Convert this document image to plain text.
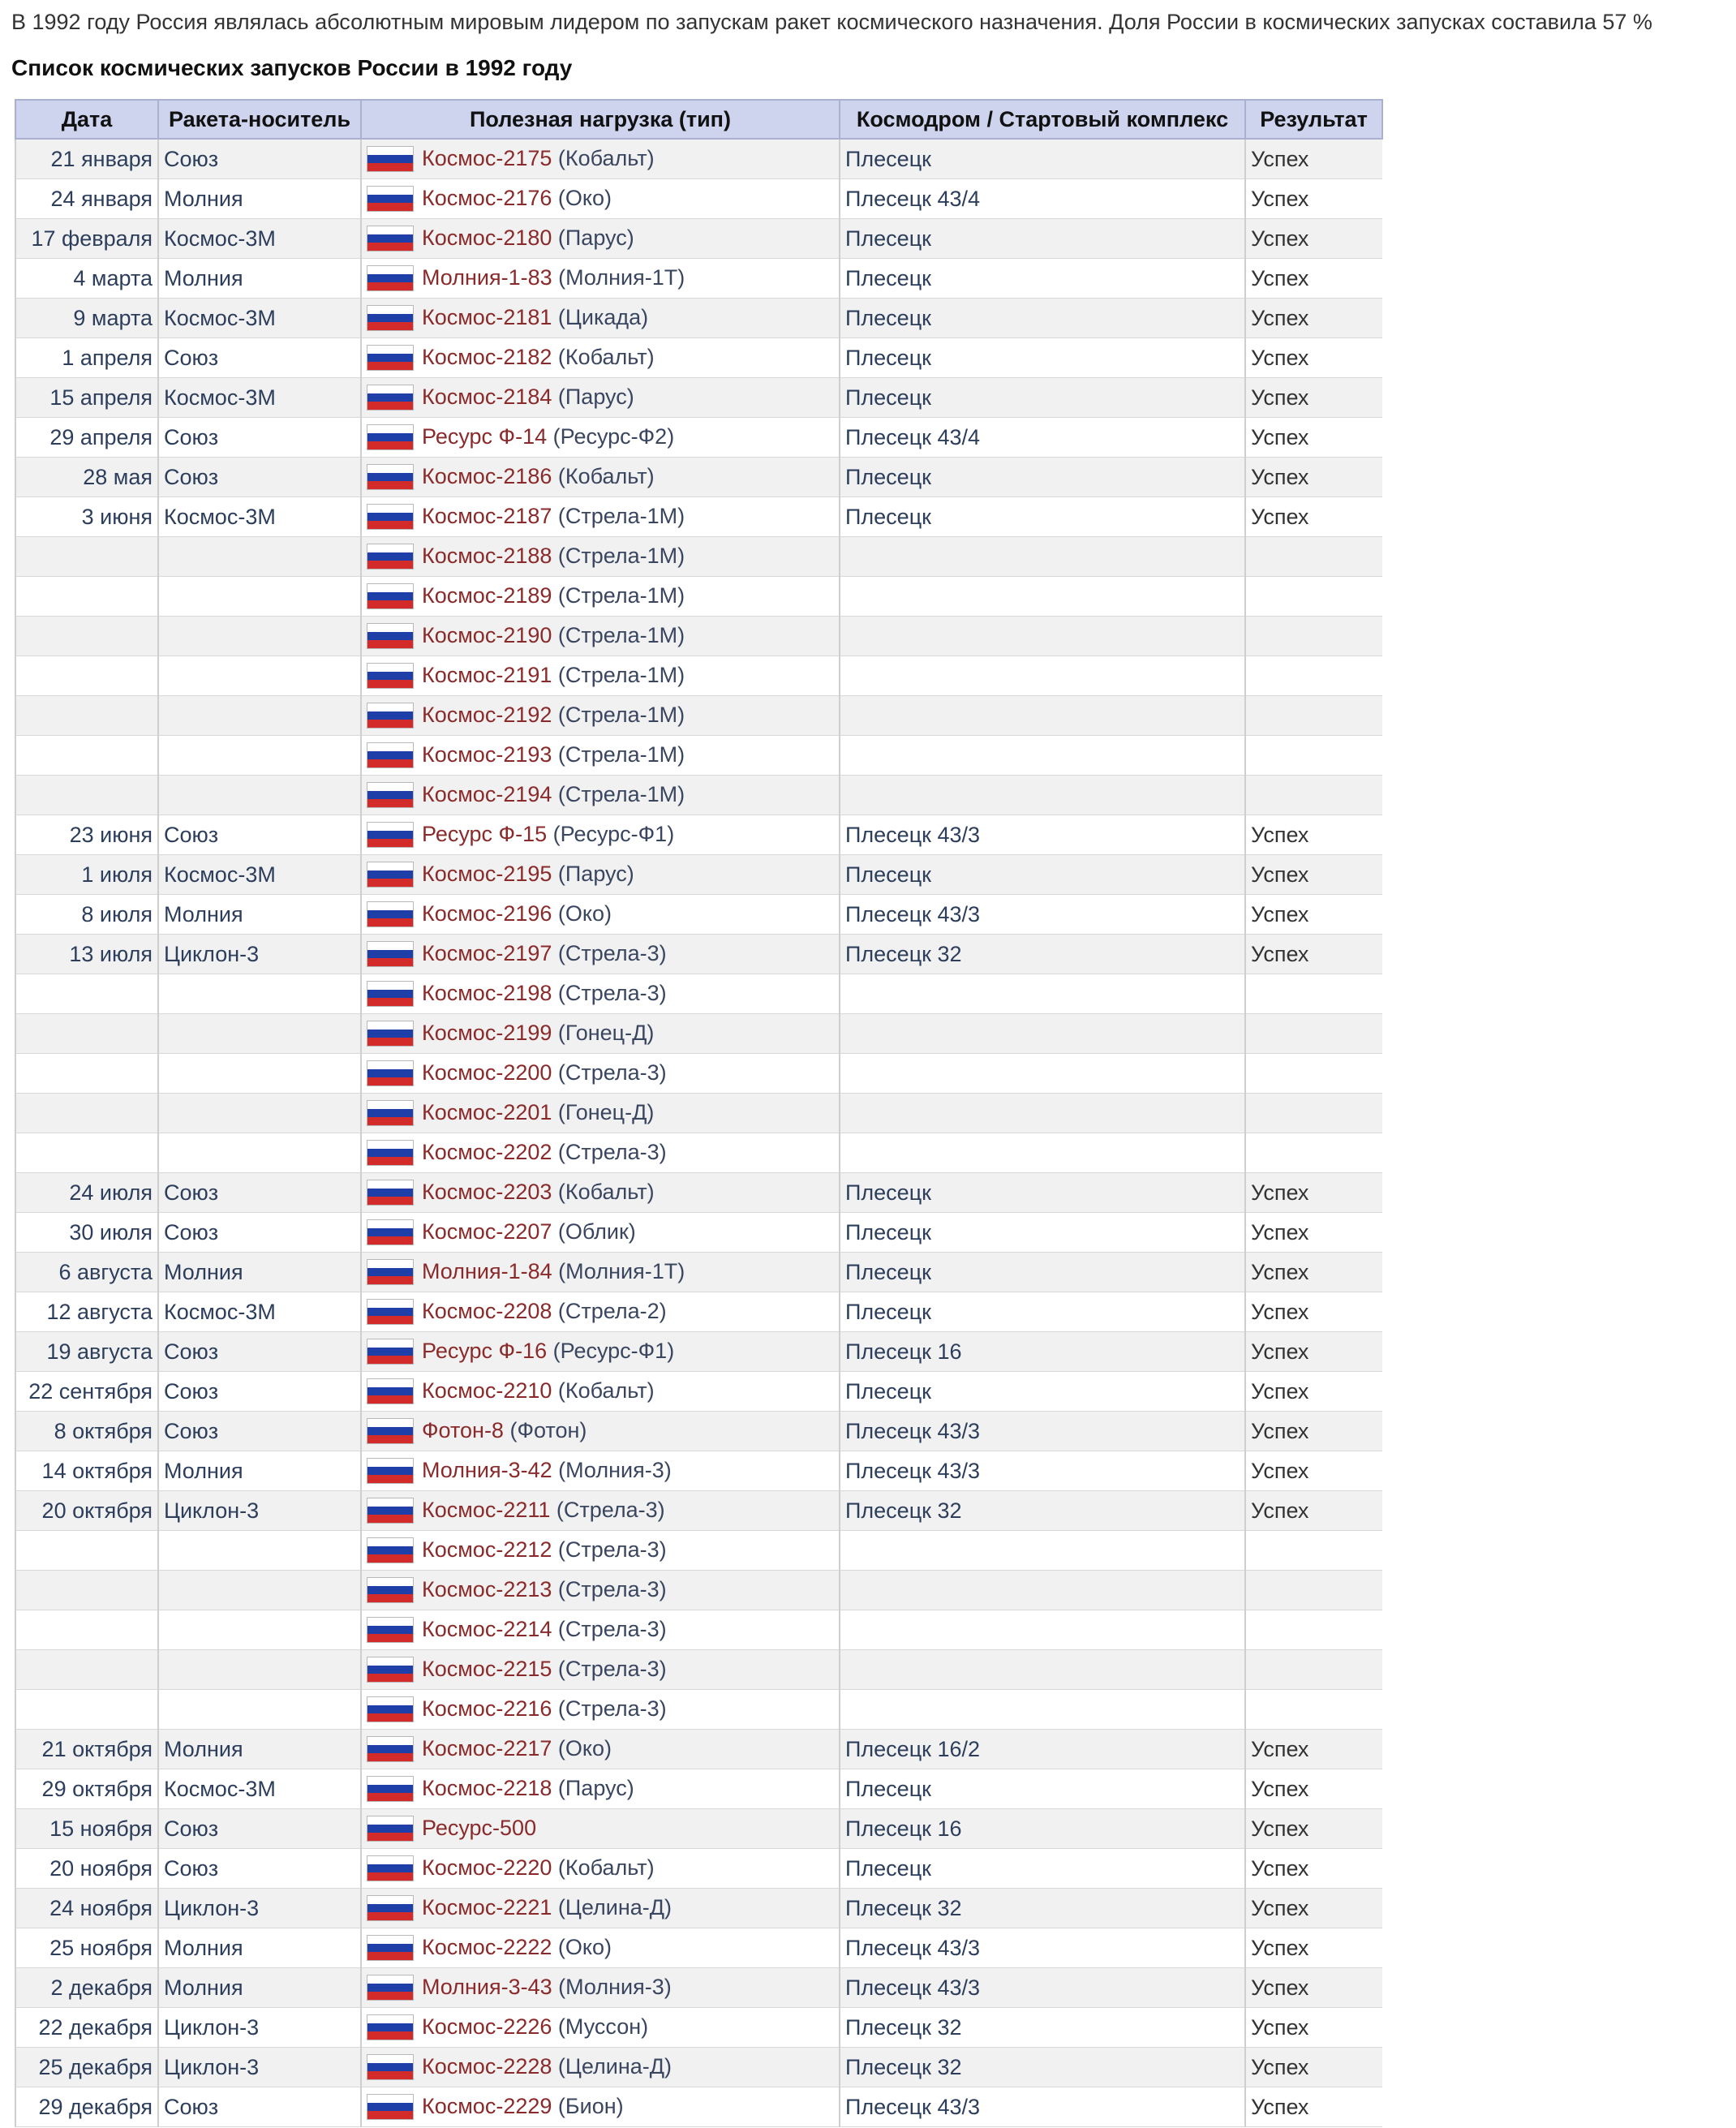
В 1992 году Россия являлась абсолютным мировым лидером по запускам ракет космического назначения. Доля России в космических запусках составила 57 %
Список космических запусков России в 1992 году
Дата	Ракета-носитель	Полезная нагрузка (тип)	Космодром / Стартовый комплекс	Результат
21 января	Союз	Космос-2175 (Кобальт)	Плесецк	Успех
24 января	Молния	Космос-2176 (Око)	Плесецк 43/4	Успех
17 февраля	Космос-3М	Космос-2180 (Парус)	Плесецк	Успех
4 марта	Молния	Молния-1-83 (Молния-1Т)	Плесецк	Успех
9 марта	Космос-3М	Космос-2181 (Цикада)	Плесецк	Успех
1 апреля	Союз	Космос-2182 (Кобальт)	Плесецк	Успех
15 апреля	Космос-3М	Космос-2184 (Парус)	Плесецк	Успех
29 апреля	Союз	Ресурс Ф-14 (Ресурс-Ф2)	Плесецк 43/4	Успех
28 мая	Союз	Космос-2186 (Кобальт)	Плесецк	Успех
3 июня	Космос-3М	Космос-2187 (Стрела-1М)	Плесецк	Успех
		Космос-2188 (Стрела-1М)		
		Космос-2189 (Стрела-1М)		
		Космос-2190 (Стрела-1М)		
		Космос-2191 (Стрела-1М)		
		Космос-2192 (Стрела-1М)		
		Космос-2193 (Стрела-1М)		
		Космос-2194 (Стрела-1М)		
23 июня	Союз	Ресурс Ф-15 (Ресурс-Ф1)	Плесецк 43/3	Успех
1 июля	Космос-3М	Космос-2195 (Парус)	Плесецк	Успех
8 июля	Молния	Космос-2196 (Око)	Плесецк 43/3	Успех
13 июля	Циклон-3	Космос-2197 (Стрела-3)	Плесецк 32	Успех
		Космос-2198 (Стрела-3)		
		Космос-2199 (Гонец-Д)		
		Космос-2200 (Стрела-3)		
		Космос-2201 (Гонец-Д)		
		Космос-2202 (Стрела-3)		
24 июля	Союз	Космос-2203 (Кобальт)	Плесецк	Успех
30 июля	Союз	Космос-2207 (Облик)	Плесецк	Успех
6 августа	Молния	Молния-1-84 (Молния-1Т)	Плесецк	Успех
12 августа	Космос-3М	Космос-2208 (Стрела-2)	Плесецк	Успех
19 августа	Союз	Ресурс Ф-16 (Ресурс-Ф1)	Плесецк 16	Успех
22 сентября	Союз	Космос-2210 (Кобальт)	Плесецк	Успех
8 октября	Союз	Фотон-8 (Фотон)	Плесецк 43/3	Успех
14 октября	Молния	Молния-3-42 (Молния-3)	Плесецк 43/3	Успех
20 октября	Циклон-3	Космос-2211 (Стрела-3)	Плесецк 32	Успех
		Космос-2212 (Стрела-3)		
		Космос-2213 (Стрела-3)		
		Космос-2214 (Стрела-3)		
		Космос-2215 (Стрела-3)		
		Космос-2216 (Стрела-3)		
21 октября	Молния	Космос-2217 (Око)	Плесецк 16/2	Успех
29 октября	Космос-3М	Космос-2218 (Парус)	Плесецк	Успех
15 ноября	Союз	Ресурс-500	Плесецк 16	Успех
20 ноября	Союз	Космос-2220 (Кобальт)	Плесецк	Успех
24 ноября	Циклон-3	Космос-2221 (Целина-Д)	Плесецк 32	Успех
25 ноября	Молния	Космос-2222 (Око)	Плесецк 43/3	Успех
2 декабря	Молния	Молния-3-43 (Молния-3)	Плесецк 43/3	Успех
22 декабря	Циклон-3	Космос-2226 (Муссон)	Плесецк 32	Успех
25 декабря	Циклон-3	Космос-2228 (Целина-Д)	Плесецк 32	Успех
29 декабря	Союз	Космос-2229 (Бион)	Плесецк 43/3	Успех
